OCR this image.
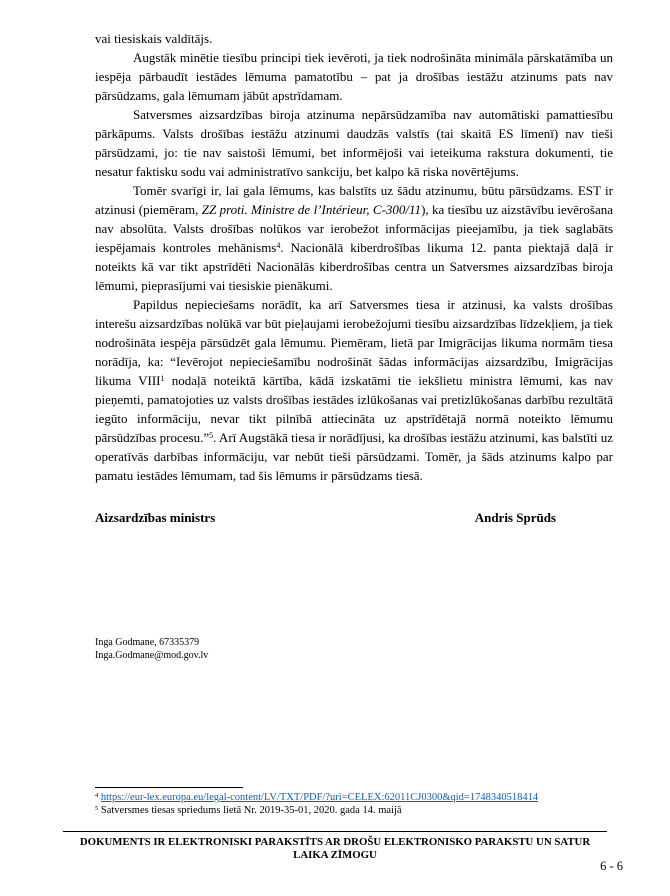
vai tiesiskais valdītājs.

Augstāk minētie tiesību principi tiek ievēroti, ja tiek nodrošināta minimāla pārskatāmība un iespēja pārbaudīt iestādes lēmuma pamatotību – pat ja drošības iestāžu atzinums pats nav pārsūdzams, gala lēmumam jābūt apstrīdamam.

Satversmes aizsardzības biroja atzinuma nepārsūdzamība nav automātiski pamattiesību pārkāpums. Valsts drošības iestāžu atzinumi daudzās valstīs (tai skaitā ES līmenī) nav tieši pārsūdzami, jo: tie nav saistoši lēmumi, bet informējoši vai ieteikuma rakstura dokumenti, tie nesatur faktisku sodu vai administratīvo sankciju, bet kalpo kā riska novērtējums.

Tomēr svarīgi ir, lai gala lēmums, kas balstīts uz šādu atzinumu, būtu pārsūdzams. EST ir atzinusi (piemēram, ZZ proti. Ministre de l’Intérieur, C-300/11), ka tiesību uz aizstāvību ievērošana nav absolūta. Valsts drošības nolūkos var ierobežot informācijas pieejamību, ja tiek saglabāts iespējamais kontroles mehānisms$^4$. Nacionālā kiberdrošības likuma 12. panta piektajā daļā ir noteikts kā var tikt apstrīdēti Nacionālās kiberdrošības centra un Satversmes aizsardzības biroja lēmumi, pieprasījumi vai tiesiskie pienākumi.

Papildus nepieciešams norādīt, ka arī Satversmes tiesa ir atzinusi, ka valsts drošības interešu aizsardzības nolūkā var būt pieļaujami ierobežojumi tiesību aizsardzības līdzekļiem, ja tiek nodrošināta iespēja pārsūdzēt gala lēmumu. Piemēram, lietā par Imigrācijas likuma normām tiesa norādīja, ka: “Ievērojot nepieciešamību nodrošināt šādas informācijas aizsardzību, Imigrācijas likuma VIII$^1$ nodaļā noteiktā kārtība, kādā izskatāmi tie iekšlietu ministra lēmumi, kas nav pieņemti, pamatojoties uz valsts drošības iestādes izlūkošanas vai pretizlūkošanas darbību rezultātā iegūto informāciju, nevar tikt pilnībā attiecināta uz apstrīdētajā normā noteikto lēmumu pārsūdzības procesu.”$^5$. Arī Augstākā tiesa ir norādījusi, ka drošības iestāžu atzinumi, kas balstīti uz operatīvās darbības informāciju, var nebūt tieši pārsūdzami. Tomēr, ja šāds atzinums kalpo par pamatu iestādes lēmumam, tad šis lēmums ir pārsūdzams tiesā.

Aizsardzības ministrs	Andris Sprūds
Inga Godmane, 67335379
Inga.Godmane@mod.gov.lv
$^4$ https://eur-lex.europa.eu/legal-content/LV/TXT/PDF/?uri=CELEX:62011CJ0300&qid=1748340518414
$^5$ Satversmes tiesas spriedums lietā Nr. 2019-35-01, 2020. gada 14. maijā
DOKUMENTS IR ELEKTRONISKI PARAKSTĪTS AR DROŠU ELEKTRONISKO PARAKSTU UN SATUR
LAIKA ZĪMOGU
6 - 6
